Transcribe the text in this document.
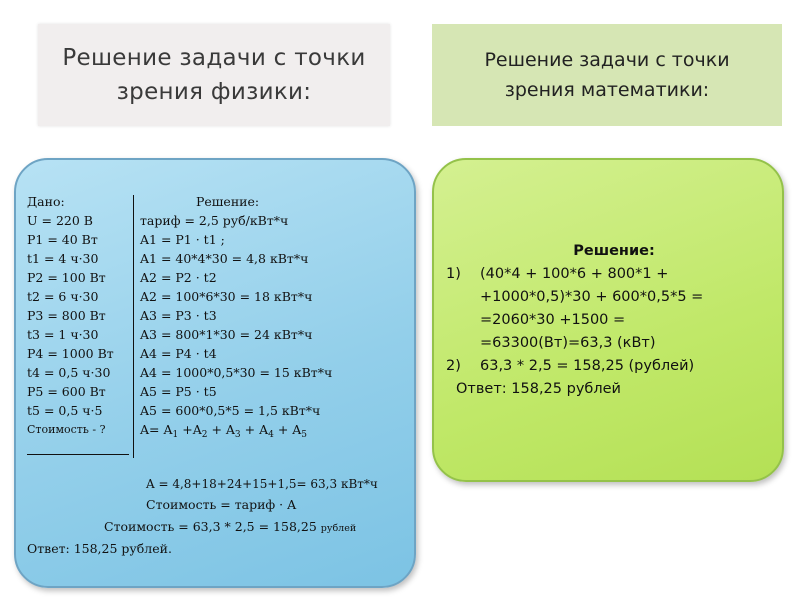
Решение задачи с точки
зрения физики:
Решение задачи с точки
зрения математики:
Дано:
U = 220 В
P1 = 40 Вт
t1 = 4 ч·30
P2 = 100 Вт
t2 = 6 ч·30
P3 = 800 Вт
t3 = 1 ч·30
P4 = 1000 Вт
t4 = 0,5 ч·30
P5 = 600 Вт
t5 = 0,5 ч·5
Стоимость - ?
Решение:
тариф = 2,5 руб/кВт*ч
A1 = P1 · t1 ;
A1 = 40*4*30 = 4,8 кВт*ч
A2 = P2 · t2
A2 = 100*6*30 = 18 кВт*ч
A3 = P3 · t3
A3 = 800*1*30 = 24 кВт*ч
A4 = P4 · t4
A4 = 1000*0,5*30 = 15 кВт*ч
A5 = P5 · t5
A5 = 600*0,5*5 = 1,5 кВт*ч
$A= A_1 +A_2 + A_3 + A_4 + A_5$
A = 4,8+18+24+15+1,5= 63,3 кВт*ч
Стоимость = тариф · A
Стоимость = 63,3 * 2,5 = 158,25 рублей
Ответ: 158,25 рублей.
Решение:
1)	(40*4 + 100*6 + 800*1 +
+1000*0,5)*30 + 600*0,5*5 =
=2060*30 +1500 =
=63300(Вт)=63,3 (кВт)
2)	63,3 * 2,5 = 158,25 (рублей)
Ответ: 158,25 рублей
